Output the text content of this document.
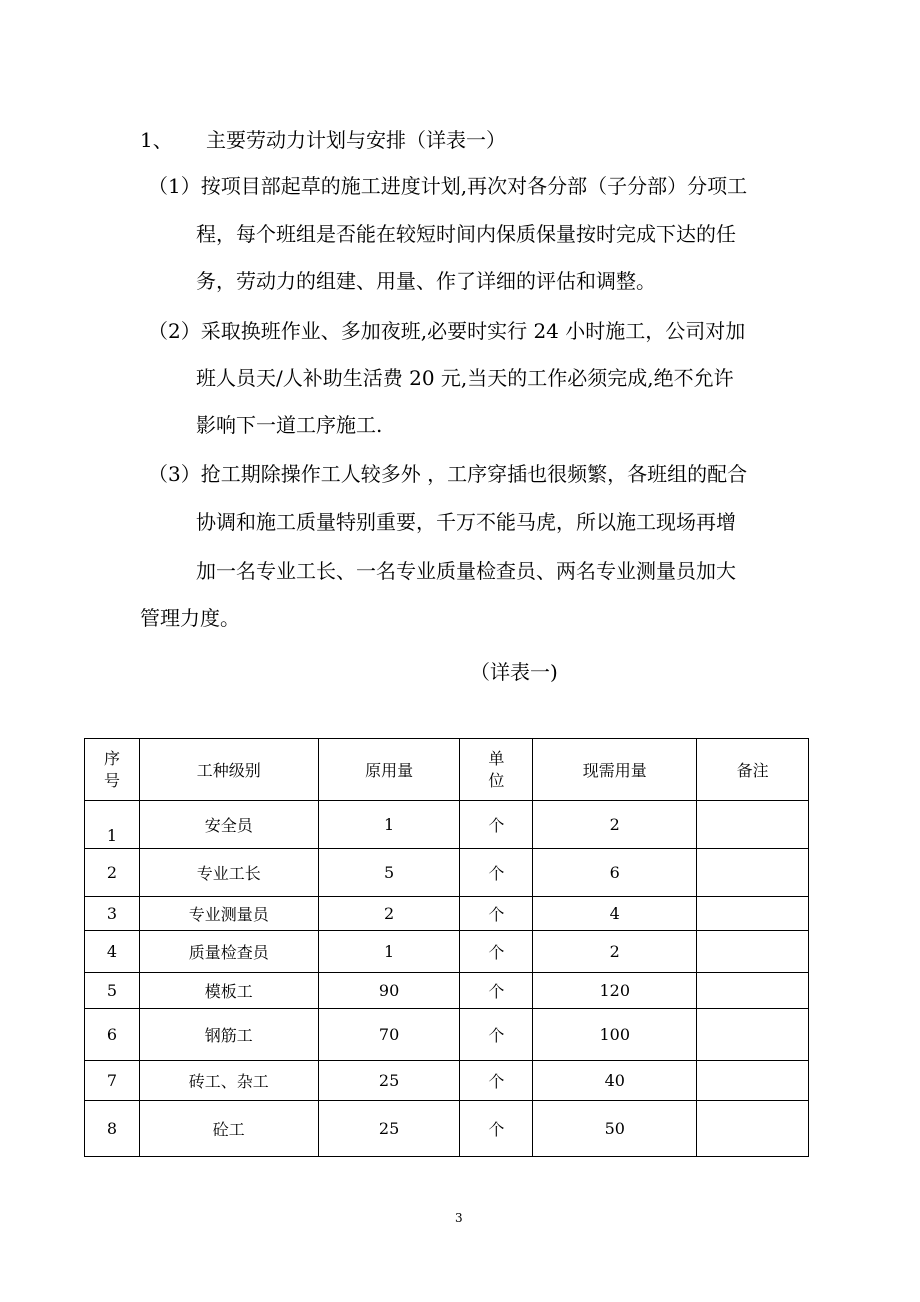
1、 主要劳动力计划与安排（详表一）
（1）按项目部起草的施工进度计划,再次对各分部（子分部）分项工
程，每个班组是否能在较短时间内保质保量按时完成下达的任
务，劳动力的组建、用量、作了详细的评估和调整。
（2）采取换班作业、多加夜班,必要时实行 24 小时施工，公司对加
班人员天/人补助生活费 20 元,当天的工作必须完成,绝不允许
影响下一道工序施工.
（3）抢工期除操作工人较多外 ，工序穿插也很频繁，各班组的配合
协调和施工质量特别重要，千万不能马虎，所以施工现场再增
加一名专业工长、一名专业质量检查员、两名专业测量员加大
管理力度。
（详表一)
序号	工种级别	原用量	单位	现需用量	备注
1	安全员	1	个	2	
2	专业工长	5	个	6	
3	专业测量员	2	个	4	
4	质量检查员	1	个	2	
5	模板工	90	个	120	
6	钢筋工	70	个	100	
7	砖工、杂工	25	个	40	
8	砼工	25	个	50	
3
